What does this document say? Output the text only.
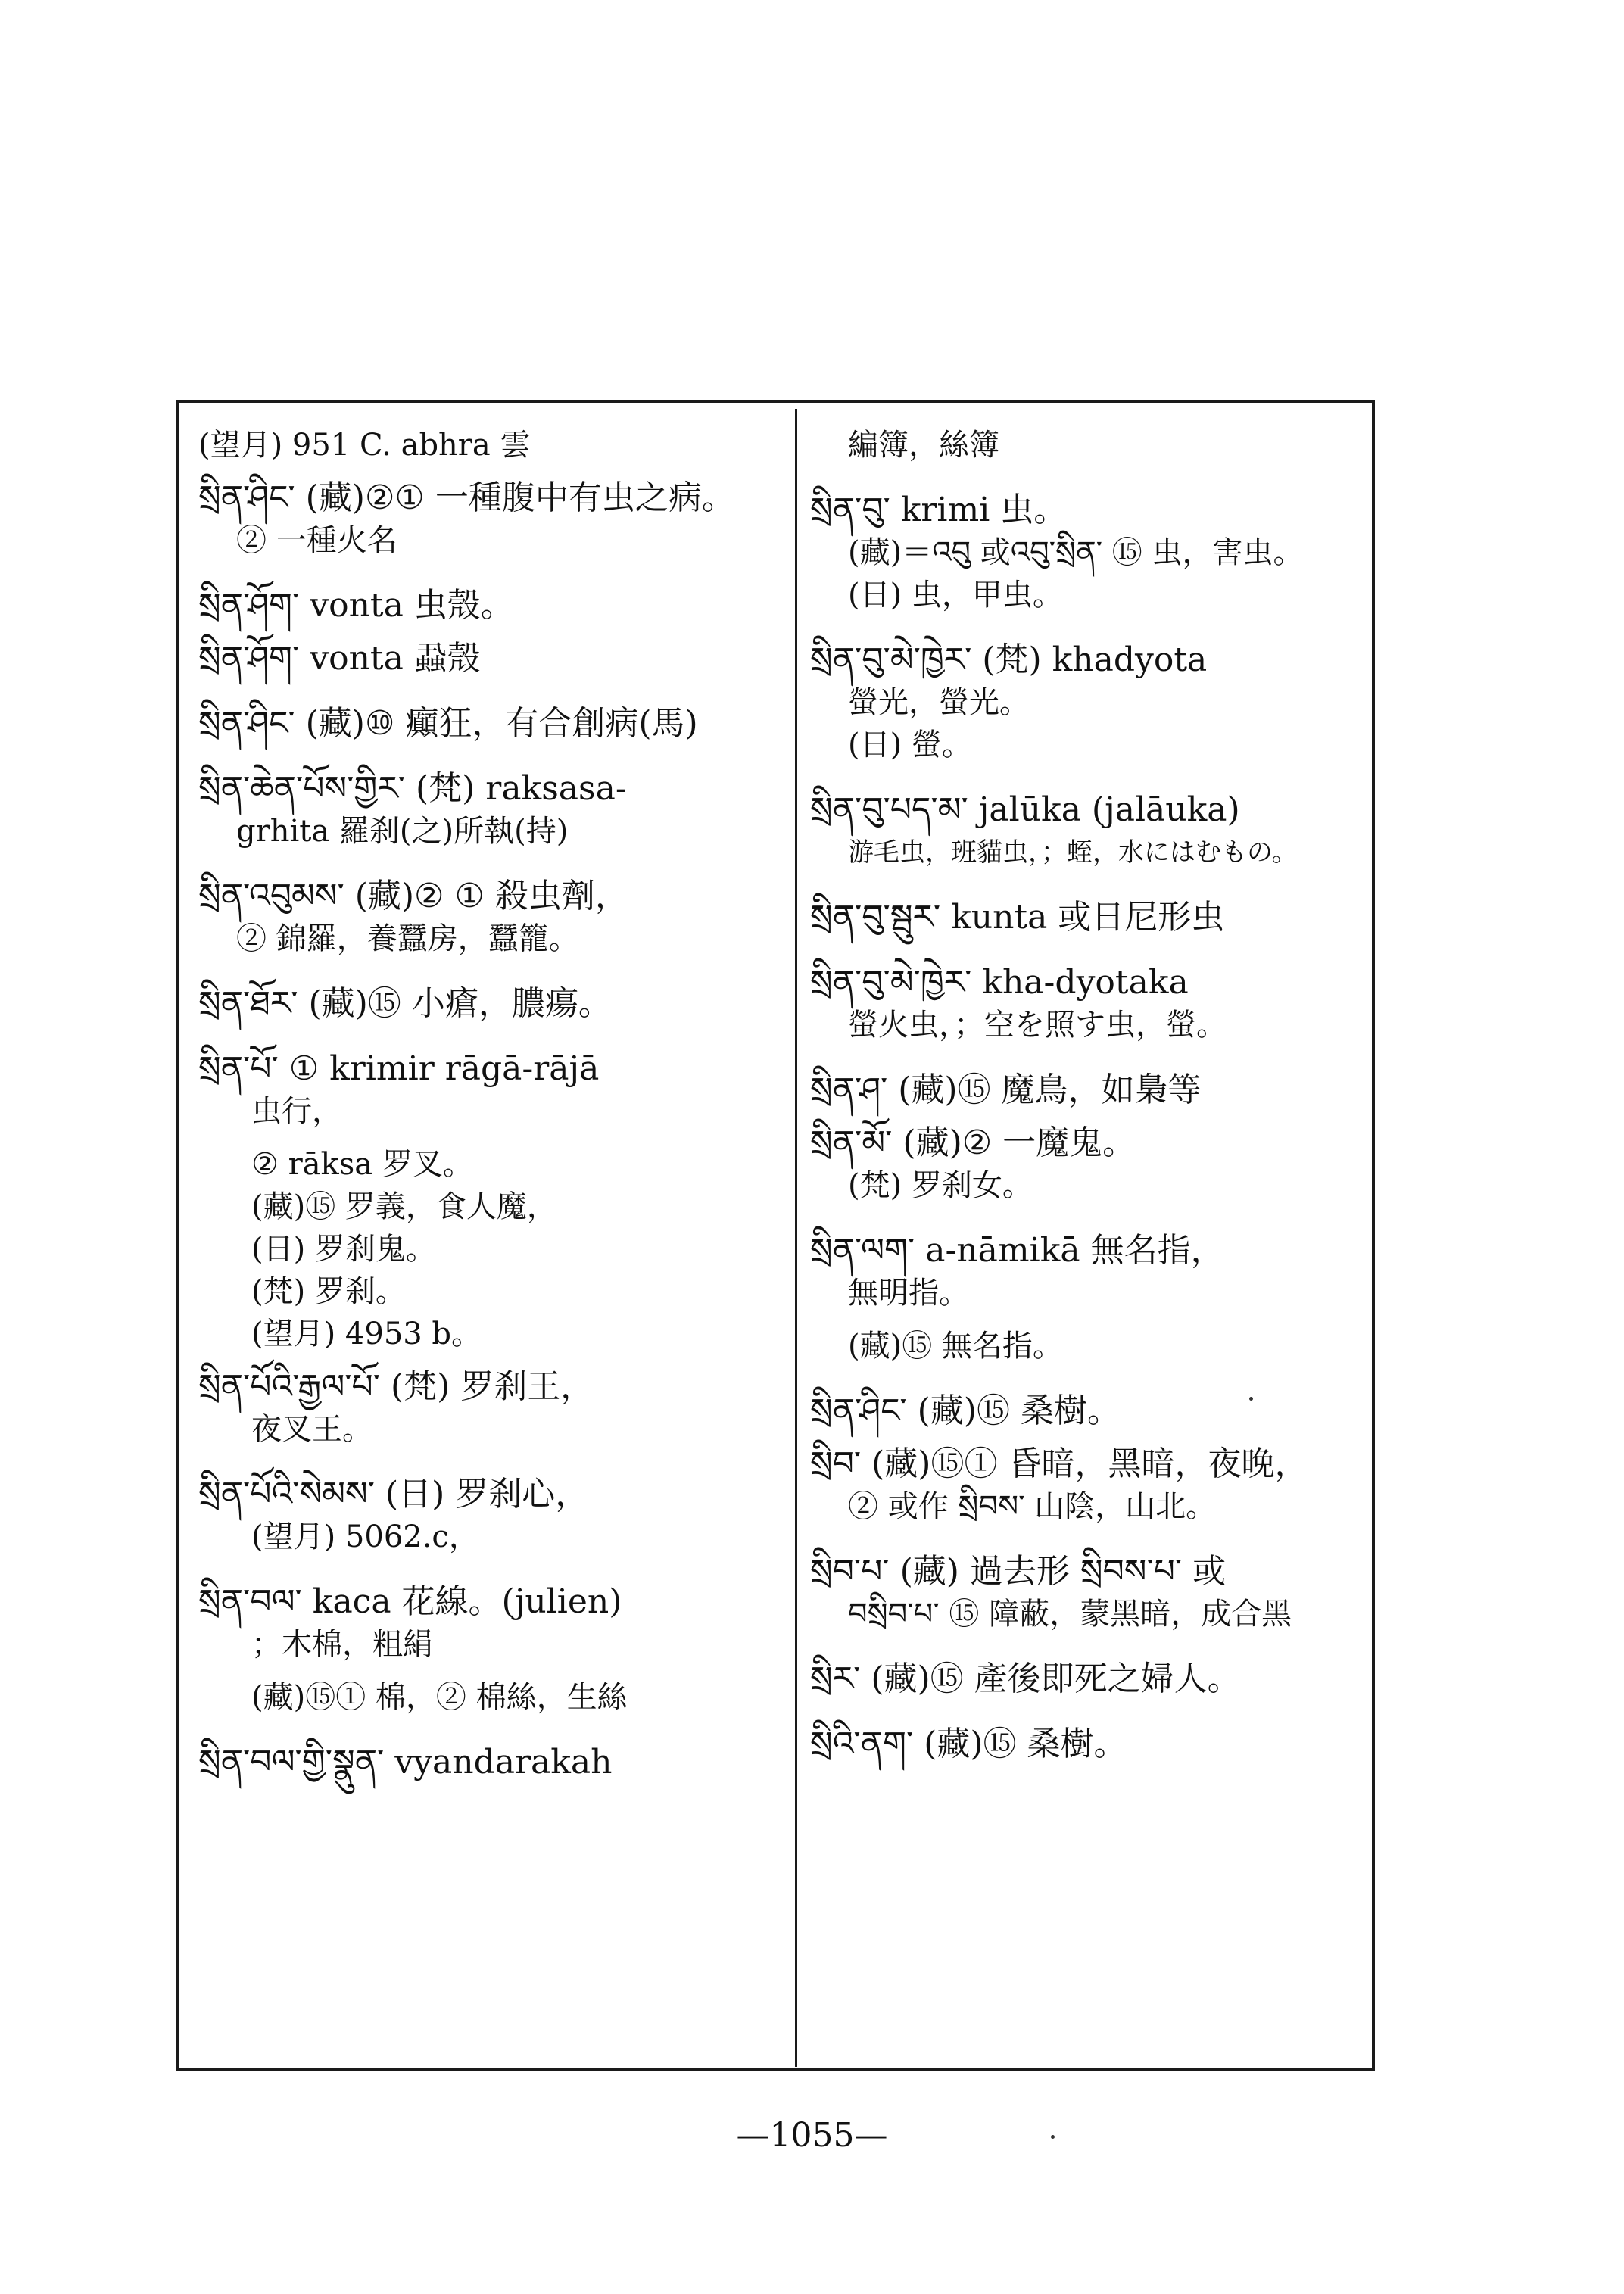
(望月) 951 C. abhra 雲
སྲིན་ཤིང་ (藏)②① 一種腹中有虫之病。
② 一種火名
སྲིན་ཤོག་ vonta 虫殼。
སྲིན་ཤོག་ vonta 蝨殼
སྲིན་ཤིང་ (藏)⑩ 癲狂，有合創病(馬)
སྲིན་ཆེན་པོས་གྱིར་ (梵) raksasa-
grhita 羅刹(之)所執(持)
སྲིན་འབུམས་ (藏)② ① 殺虫劑，
② 錦羅，養蠶房，蠶籠。
སྲིན་ཐོར་ (藏)⑮ 小瘡，膿瘍。
སྲིན་པོ་ ① krimir rāgā-rājā
虫行，
② rāksa 罗叉。
(藏)⑮ 罗義，食人魔，
(日) 罗刹鬼。
(梵) 罗刹。
(望月) 4953 b。
སྲིན་པོའི་རྒྱལ་པོ་ (梵) 罗刹王，
夜叉王。
སྲིན་པོའི་སེམས་ (日) 罗刹心，
(望月) 5062.c，
སྲིན་བལ་ kaca 花線。(julien)
；木棉，粗絹
(藏)⑮① 棉，② 棉絲，生絲
སྲིན་བལ་གྱི་སྣུན་ vyandarakah
編簿，絲簿
སྲིན་བུ་ krimi 虫。
(藏)＝འབུ 或འབུ་སྲིན་ ⑮ 虫，害虫。
(日) 虫，甲虫。
སྲིན་བུ་མེ་ཁྱེར་ (梵) khadyota
螢光，螢光。
(日) 螢。
སྲིན་བུ་པད་མ་ jalūka (jalāuka)
游毛虫，班貓虫，；蛭，水にはむもの。
སྲིན་བུ་སྦུར་ kunta 或日尼形虫
སྲིན་བུ་མེ་ཁྱེར་ kha-dyotaka
螢火虫，；空を照す虫，螢。
སྲིན་ཤ་ (藏)⑮ 魔鳥，如梟等
སྲིན་མོ་ (藏)② 一魔鬼。
(梵) 罗刹女。
སྲིན་ལག་ a-nāmikā 無名指，
無明指。
(藏)⑮ 無名指。
སྲིན་ཤིང་ (藏)⑮ 桑樹。
སྲིབ་ (藏)⑮① 昏暗，黑暗，夜晚，
② 或作 སྲིབས་ 山陰，山北。
སྲིབ་པ་ (藏) 過去形 སྲིབས་པ་ 或
བསྲིབ་པ་ ⑮ 障蔽，蒙黑暗，成合黑
སྲིར་ (藏)⑮ 產後即死之婦人。
སྲིའི་ནག་ (藏)⑮ 桑樹。
—1055—
